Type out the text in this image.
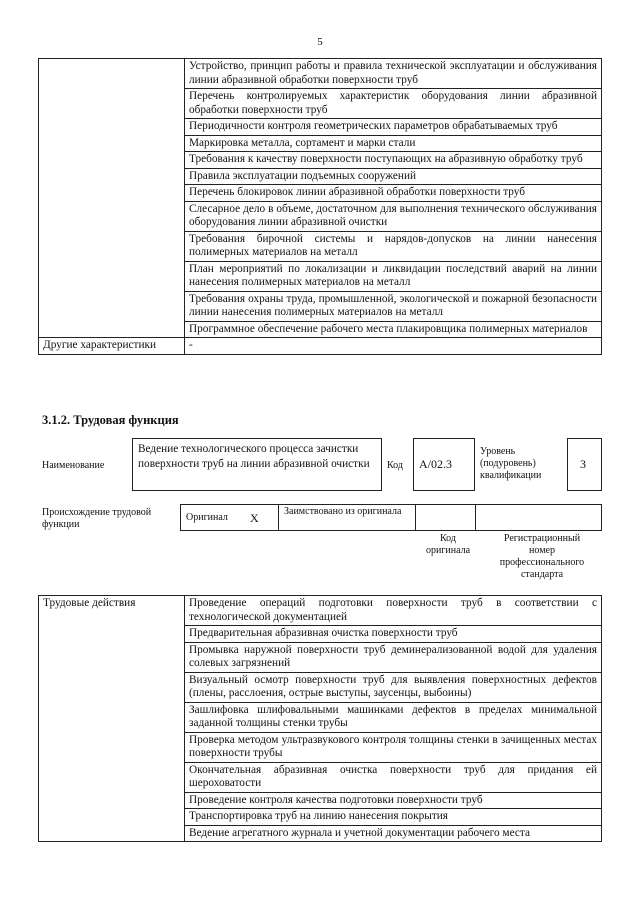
5
	Устройство, принцип работы и правила технической эксплуатации и обслуживания линии абразивной обработки поверхности труб
	Перечень контролируемых характеристик оборудования линии абразивной обработки поверхности труб
	Периодичности контроля геометрических параметров обрабатываемых труб
	Маркировка металла, сортамент и марки стали
	Требования к качеству поверхности поступающих на абразивную обработку труб
	Правила эксплуатации подъемных сооружений
	Перечень блокировок линии абразивной обработки поверхности труб
	Слесарное дело в объеме, достаточном для выполнения технического обслуживания оборудования линии абразивной очистки
	Требования бирочной системы и нарядов-допусков на линии нанесения полимерных материалов на металл
	План мероприятий по локализации и ликвидации последствий аварий на линии нанесения полимерных материалов на металл
	Требования охраны труда, промышленной, экологической и пожарной безопасности линии нанесения полимерных материалов на металл
	Программное обеспечение рабочего места плакировщика полимерных материалов
Другие характеристики	-
3.1.2. Трудовая функция
Наименование
Ведение технологического процесса зачистки поверхности труб на линии абразивной очистки	Код A/02.3
Уровень (подуровень) квалификации
3
Происхождение трудовой функции
Оригинал X	Заимствовано из оригинала
Код оригинала
Регистрационный номер профессионального стандарта
Трудовые действия	Проведение операций подготовки поверхности труб в соответствии с технологической документацией
Предварительная абразивная очистка поверхности труб
Промывка наружной поверхности труб деминерализованной водой для удаления солевых загрязнений
Визуальный осмотр поверхности труб для выявления поверхностных дефектов (плены, расслоения, острые выступы, заусенцы, выбоины)
Зашлифовка шлифовальными машинками дефектов в пределах минимальной заданной толщины стенки трубы
Проверка методом ультразвукового контроля толщины стенки в зачищенных местах поверхности трубы
Окончательная абразивная очистка поверхности труб для придания ей шероховатости
Проведение контроля качества подготовки поверхности труб
Транспортировка труб на линию нанесения покрытия
Ведение агрегатного журнала и учетной документации рабочего места
